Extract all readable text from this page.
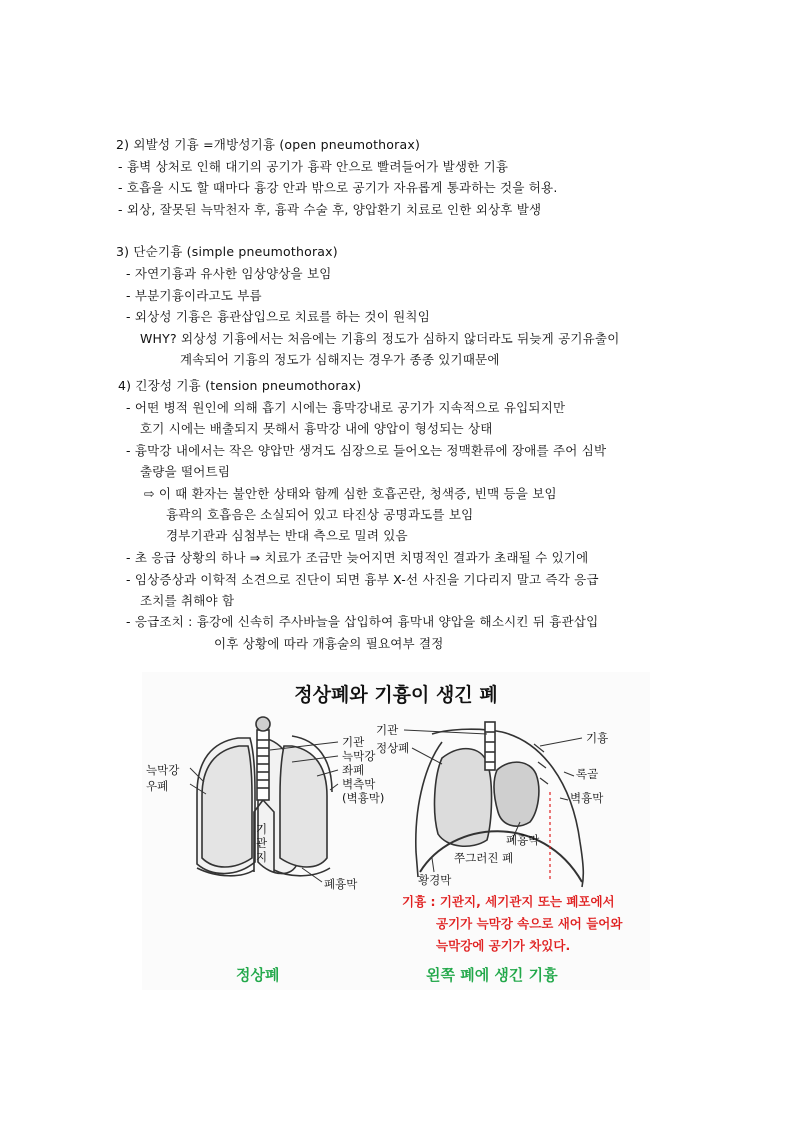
2) 외발성 기흉 =개방성기흉 (open pneumothorax)
- 흉벽 상처로 인해 대기의 공기가 흉곽 안으로 빨려들어가 발생한 기흉
- 호흡을 시도 할 때마다 흉강 안과 밖으로 공기가 자유롭게 통과하는 것을 허용.
- 외상, 잘못된 늑막천자 후, 흉곽 수술 후, 양압환기 치료로 인한 외상후 발생
3) 단순기흉 (simple pneumothorax)
- 자연기흉과 유사한 임상양상을 보임
- 부분기흉이라고도 부름
- 외상성 기흉은 흉관삽입으로 치료를 하는 것이 원칙임
WHY? 외상성 기흉에서는 처음에는 기흉의 정도가 심하지 않더라도 뒤늦게 공기유출이
계속되어 기흉의 정도가 심해지는 경우가 종종 있기때문에
4) 긴장성 기흉 (tension pneumothorax)
- 어떤 병적 원인에 의해 흡기 시에는 흉막강내로 공기가 지속적으로 유입되지만
호기 시에는 배출되지 못해서 흉막강 내에 양압이 형성되는 상태
- 흉막강 내에서는 작은 양압만 생겨도 심장으로 들어오는 정맥환류에 장애를 주어 심박
출량을 떨어트림
⇨ 이 때 환자는 불안한 상태와 함께 심한 호흡곤란, 청색증, 빈맥 등을 보임
흉곽의 호흡음은 소실되어 있고 타진상 공명과도를 보임
경부기관과 심첨부는 반대 측으로 밀려 있음
- 초 응급 상황의 하나 ⇒ 치료가 조금만 늦어지면 치명적인 결과가 초래될 수 있기에
- 임상증상과 이학적 소견으로 진단이 되면 흉부 X-선 사진을 기다리지 말고 즉각 응급
조치를 취해야 함
- 응급조치 : 흉강에 신속히 주사바늘을 삽입하여 흉막내 양압을 해소시킨 뒤 흉관삽입
이후 상황에 따라 개흉술의 필요여부 결정
정상폐와 기흉이 생긴 폐
늑막강
우폐
기관
늑막강
좌폐
벽측막
(벽흉막)
기관지
폐흉막
기관
정상폐
기흉
록골
벽흉막
폐흉막
쭈그러진 폐
황경막
기흉 : 기관지, 세기관지 또는 폐포에서
공기가 늑막강 속으로 새어 들어와
늑막강에 공기가 차있다.
정상폐	왼쪽 폐에 생긴 기흉
